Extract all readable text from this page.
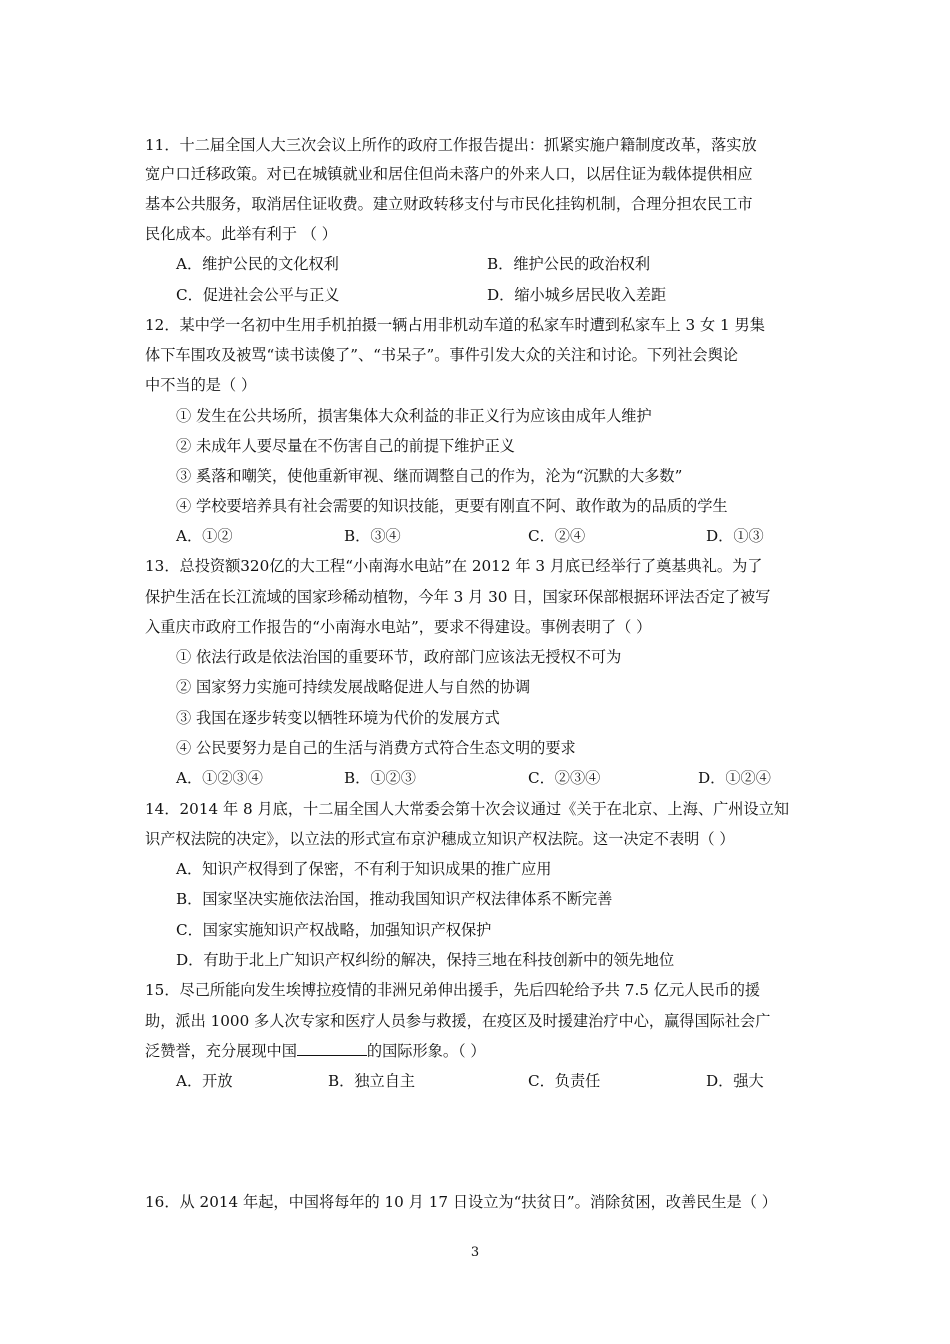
11．十二届全国人大三次会议上所作的政府工作报告提出：抓紧实施户籍制度改革，落实放
宽户口迁移政策。对已在城镇就业和居住但尚未落户的外来人口，以居住证为载体提供相应
基本公共服务，取消居住证收费。建立财政转移支付与市民化挂钩机制，合理分担农民工市
民化成本。此举有利于 （ ）
A．维护公民的文化权利	B．维护公民的政治权利
C．促进社会公平与正义	D．缩小城乡居民收入差距
12．某中学一名初中生用手机拍摄一辆占用非机动车道的私家车时遭到私家车上 3 女 1 男集
体下车围攻及被骂“读书读傻了”、“书呆子”。事件引发大众的关注和讨论。下列社会舆论
中不当的是（ ）
① 发生在公共场所，损害集体大众利益的非正义行为应该由成年人维护
② 未成年人要尽量在不伤害自己的前提下维护正义
③ 奚落和嘲笑，使他重新审视、继而调整自己的作为，沦为“沉默的大多数”
④ 学校要培养具有社会需要的知识技能，更要有刚直不阿、敢作敢为的品质的学生
A．①②	B．③④	C．②④	D．①③
13．总投资额320亿的大工程“小南海水电站”在 2012 年 3 月底已经举行了奠基典礼。为了
保护生活在长江流域的国家珍稀动植物，今年 3 月 30 日，国家环保部根据环评法否定了被写
入重庆市政府工作报告的“小南海水电站”，要求不得建设。事例表明了（ ）
① 依法行政是依法治国的重要环节，政府部门应该法无授权不可为
② 国家努力实施可持续发展战略促进人与自然的协调
③ 我国在逐步转变以牺牲环境为代价的发展方式
④ 公民要努力是自己的生活与消费方式符合生态文明的要求
A．①②③④	B．①②③	C．②③④	D．①②④
14．2014 年 8 月底，十二届全国人大常委会第十次会议通过《关于在北京、上海、广州设立知
识产权法院的决定》，以立法的形式宣布京沪穗成立知识产权法院。这一决定不表明（ ）
A．知识产权得到了保密，不有利于知识成果的推广应用
B．国家坚决实施依法治国，推动我国知识产权法律体系不断完善
C．国家实施知识产权战略，加强知识产权保护
D．有助于北上广知识产权纠纷的解决，保持三地在科技创新中的领先地位
15．尽己所能向发生埃博拉疫情的非洲兄弟伸出援手，先后四轮给予共 7.5 亿元人民币的援
助，派出 1000 多人次专家和医疗人员参与救援，在疫区及时援建治疗中心，赢得国际社会广
泛赞誉，充分展现中国	的国际形象。（ ）
A．开放	B．独立自主	C．负责任	D．强大
16．从 2014 年起，中国将每年的 10 月 17 日设立为“扶贫日”。消除贫困，改善民生是（ ）
3
